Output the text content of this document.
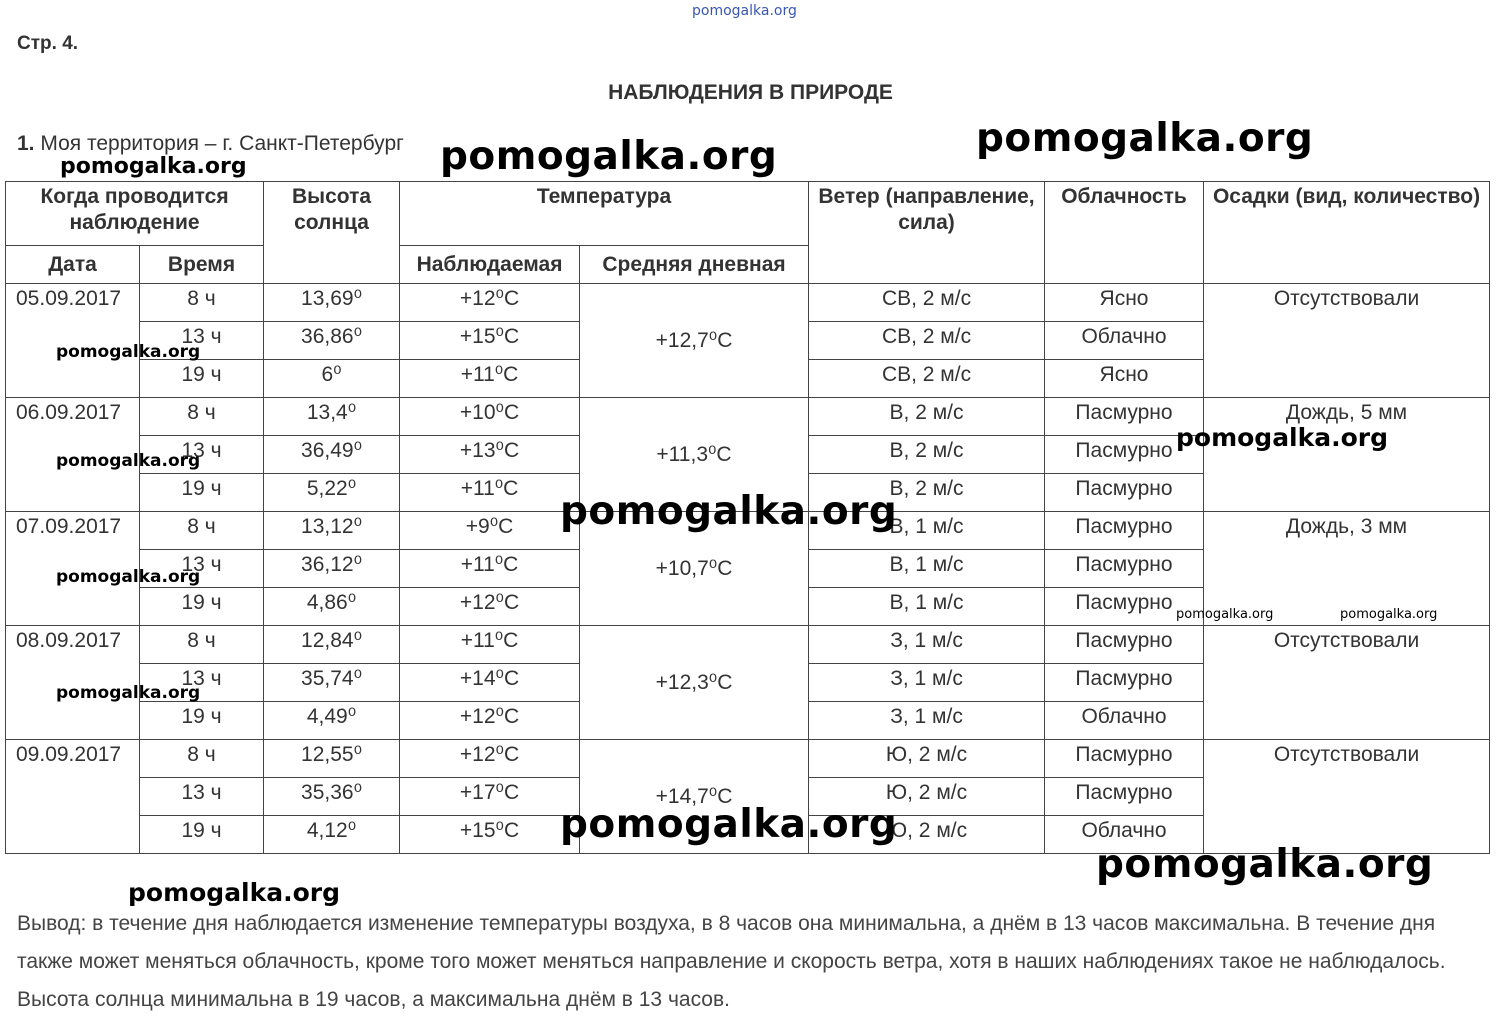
pomogalka.org
Стр. 4.
НАБЛЮДЕНИЯ В ПРИРОДЕ
1. Моя территория – г. Санкт-Петербург
Когда проводится наблюдение		Высота солнца	Температура		Ветер (направление, сила)	Облачность	Осадки (вид, количество)
Дата	Время		Наблюдаемая	Средняя дневная			
05.09.2017	8 ч	13,69⁰	+12⁰С	+12,7⁰С	СВ, 2 м/с	Ясно	Отсутствовали
	13 ч	36,86⁰	+15⁰С		СВ, 2 м/с	Облачно	
	19 ч	6⁰	+11⁰С		СВ, 2 м/с	Ясно	
06.09.2017	8 ч	13,4⁰	+10⁰С	+11,3⁰С	В, 2 м/с	Пасмурно	Дождь, 5 мм
	13 ч	36,49⁰	+13⁰С		В, 2 м/с	Пасмурно	
	19 ч	5,22⁰	+11⁰С		В, 2 м/с	Пасмурно	
07.09.2017	8 ч	13,12⁰	+9⁰С	+10,7⁰С	В, 1 м/с	Пасмурно	Дождь, 3 мм
	13 ч	36,12⁰	+11⁰С		В, 1 м/с	Пасмурно	
	19 ч	4,86⁰	+12⁰С		В, 1 м/с	Пасмурно	
08.09.2017	8 ч	12,84⁰	+11⁰С	+12,3⁰С	З, 1 м/с	Пасмурно	Отсутствовали
	13 ч	35,74⁰	+14⁰С		З, 1 м/с	Пасмурно	
	19 ч	4,49⁰	+12⁰С		З, 1 м/с	Облачно	
09.09.2017	8 ч	12,55⁰	+12⁰С	+14,7⁰С	Ю, 2 м/с	Пасмурно	Отсутствовали
	13 ч	35,36⁰	+17⁰С		Ю, 2 м/с	Пасмурно	
	19 ч	4,12⁰	+15⁰С		Ю, 2 м/с	Облачно	
Вывод: в течение дня наблюдается изменение температуры воздуха, в 8 часов она минимальна, а днём в 13 часов максимальна. В течение дня также может меняться облачность, кроме того может меняться направление и скорость ветра, хотя в наших наблюдениях такое не наблюдалось. Высота солнца минимальна в 19 часов, а максимальна днём в 13 часов.
pomogalka.org
pomogalka.org
pomogalka.org
pomogalka.org
pomogalka.org
pomogalka.org
pomogalka.org
pomogalka.org
pomogalka.org	pomogalka.org
pomogalka.org
pomogalka.org
pomogalka.org
pomogalka.org
